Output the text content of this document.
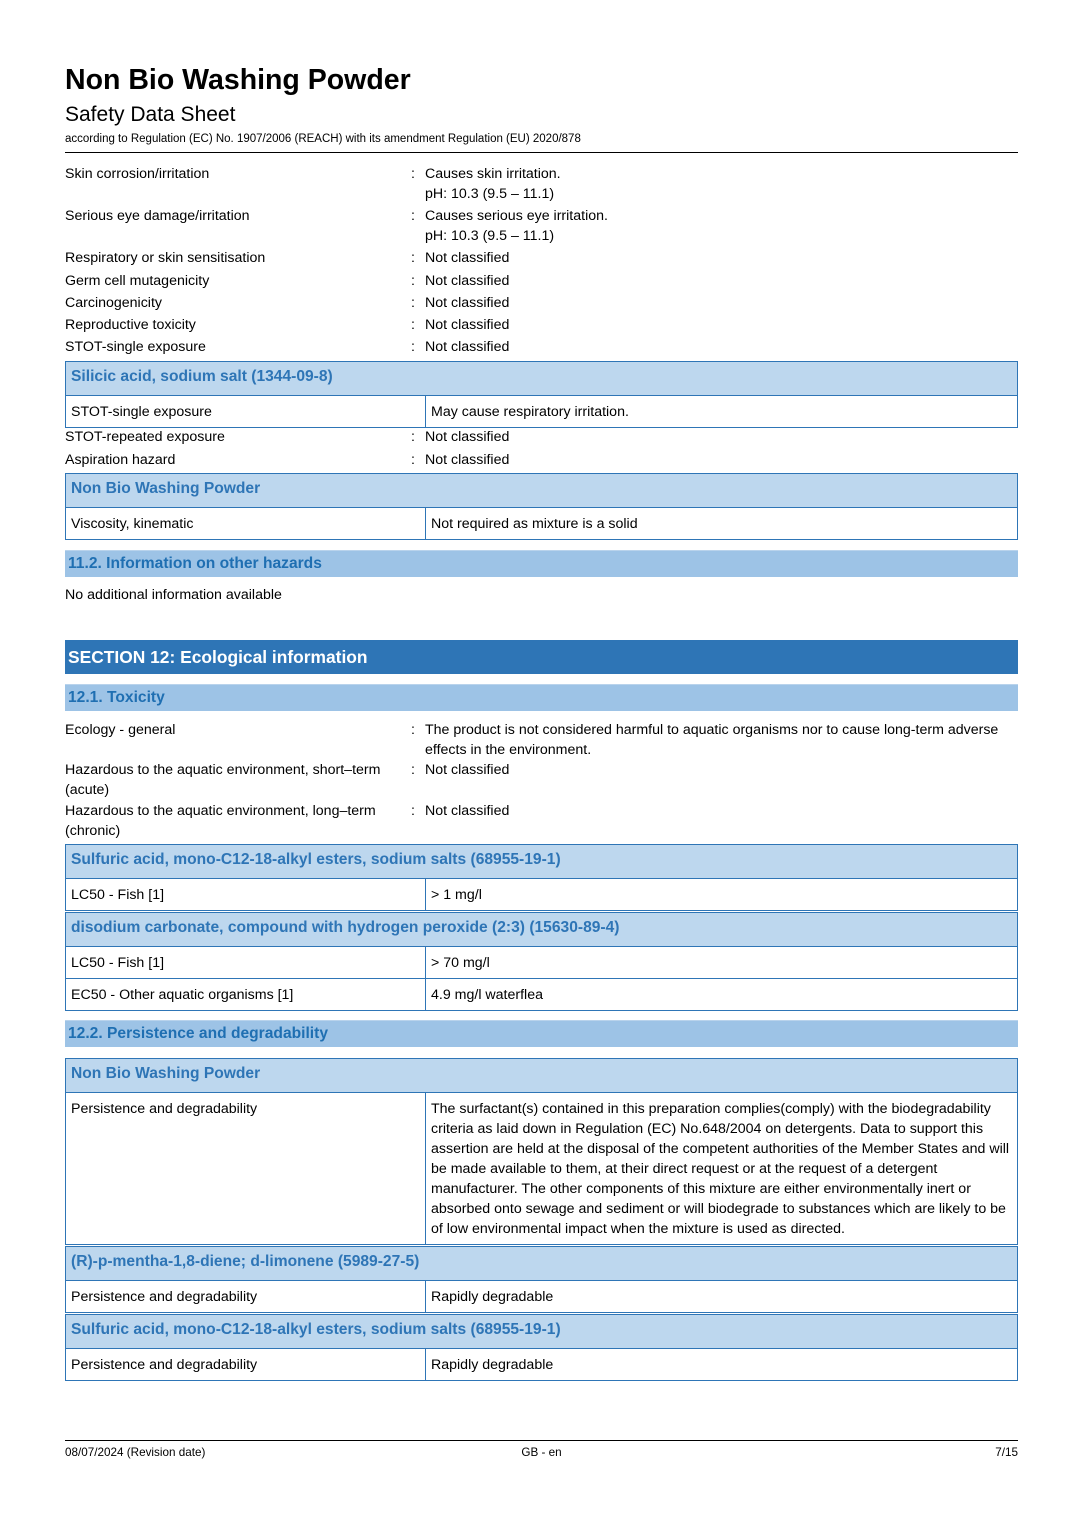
Non Bio Washing Powder
Safety Data Sheet
according to Regulation (EC) No. 1907/2006 (REACH) with its amendment Regulation (EU) 2020/878
Skin corrosion/irritation	: Causes skin irritation.
pH: 10.3 (9.5 – 11.1)
Serious eye damage/irritation	: Causes serious eye irritation.
pH: 10.3 (9.5 – 11.1)
Respiratory or skin sensitisation	: Not classified
Germ cell mutagenicity	: Not classified
Carcinogenicity	: Not classified
Reproductive toxicity	: Not classified
STOT-single exposure	: Not classified
Silicic acid, sodium salt (1344-09-8)
STOT-single exposure	May cause respiratory irritation.
STOT-repeated exposure	: Not classified
Aspiration hazard	: Not classified
Non Bio Washing Powder
Viscosity, kinematic	Not required as mixture is a solid
11.2. Information on other hazards
No additional information available
SECTION 12: Ecological information
12.1. Toxicity
Ecology - general	: The product is not considered harmful to aquatic organisms nor to cause long-term adverse effects in the environment.
Hazardous to the aquatic environment, short–term (acute)
: Not classified
Hazardous to the aquatic environment, long–term (chronic)
: Not classified
Sulfuric acid, mono-C12-18-alkyl esters, sodium salts (68955-19-1)
LC50 - Fish [1]	> 1 mg/l
disodium carbonate, compound with hydrogen peroxide (2:3) (15630-89-4)	
LC50 - Fish [1]	> 70 mg/l
EC50 - Other aquatic organisms [1]	4.9 mg/l waterflea
12.2. Persistence and degradability
Non Bio Washing Powder
Persistence and degradability	The surfactant(s) contained in this preparation complies(comply) with the biodegradability criteria as laid down in Regulation (EC) No.648/2004 on detergents. Data to support this assertion are held at the disposal of the competent authorities of the Member States and will be made available to them, at their direct request or at the request of a detergent manufacturer. The other components of this mixture are either environmentally inert or absorbed onto sewage and sediment or will biodegrade to substances which are likely to be of low environmental impact when the mixture is used as directed.
(R)-p-mentha-1,8-diene; d-limonene (5989-27-5)
Persistence and degradability	Rapidly degradable
Sulfuric acid, mono-C12-18-alkyl esters, sodium salts (68955-19-1)
Persistence and degradability	Rapidly degradable
08/07/2024 (Revision date)	GB - en	7/15
